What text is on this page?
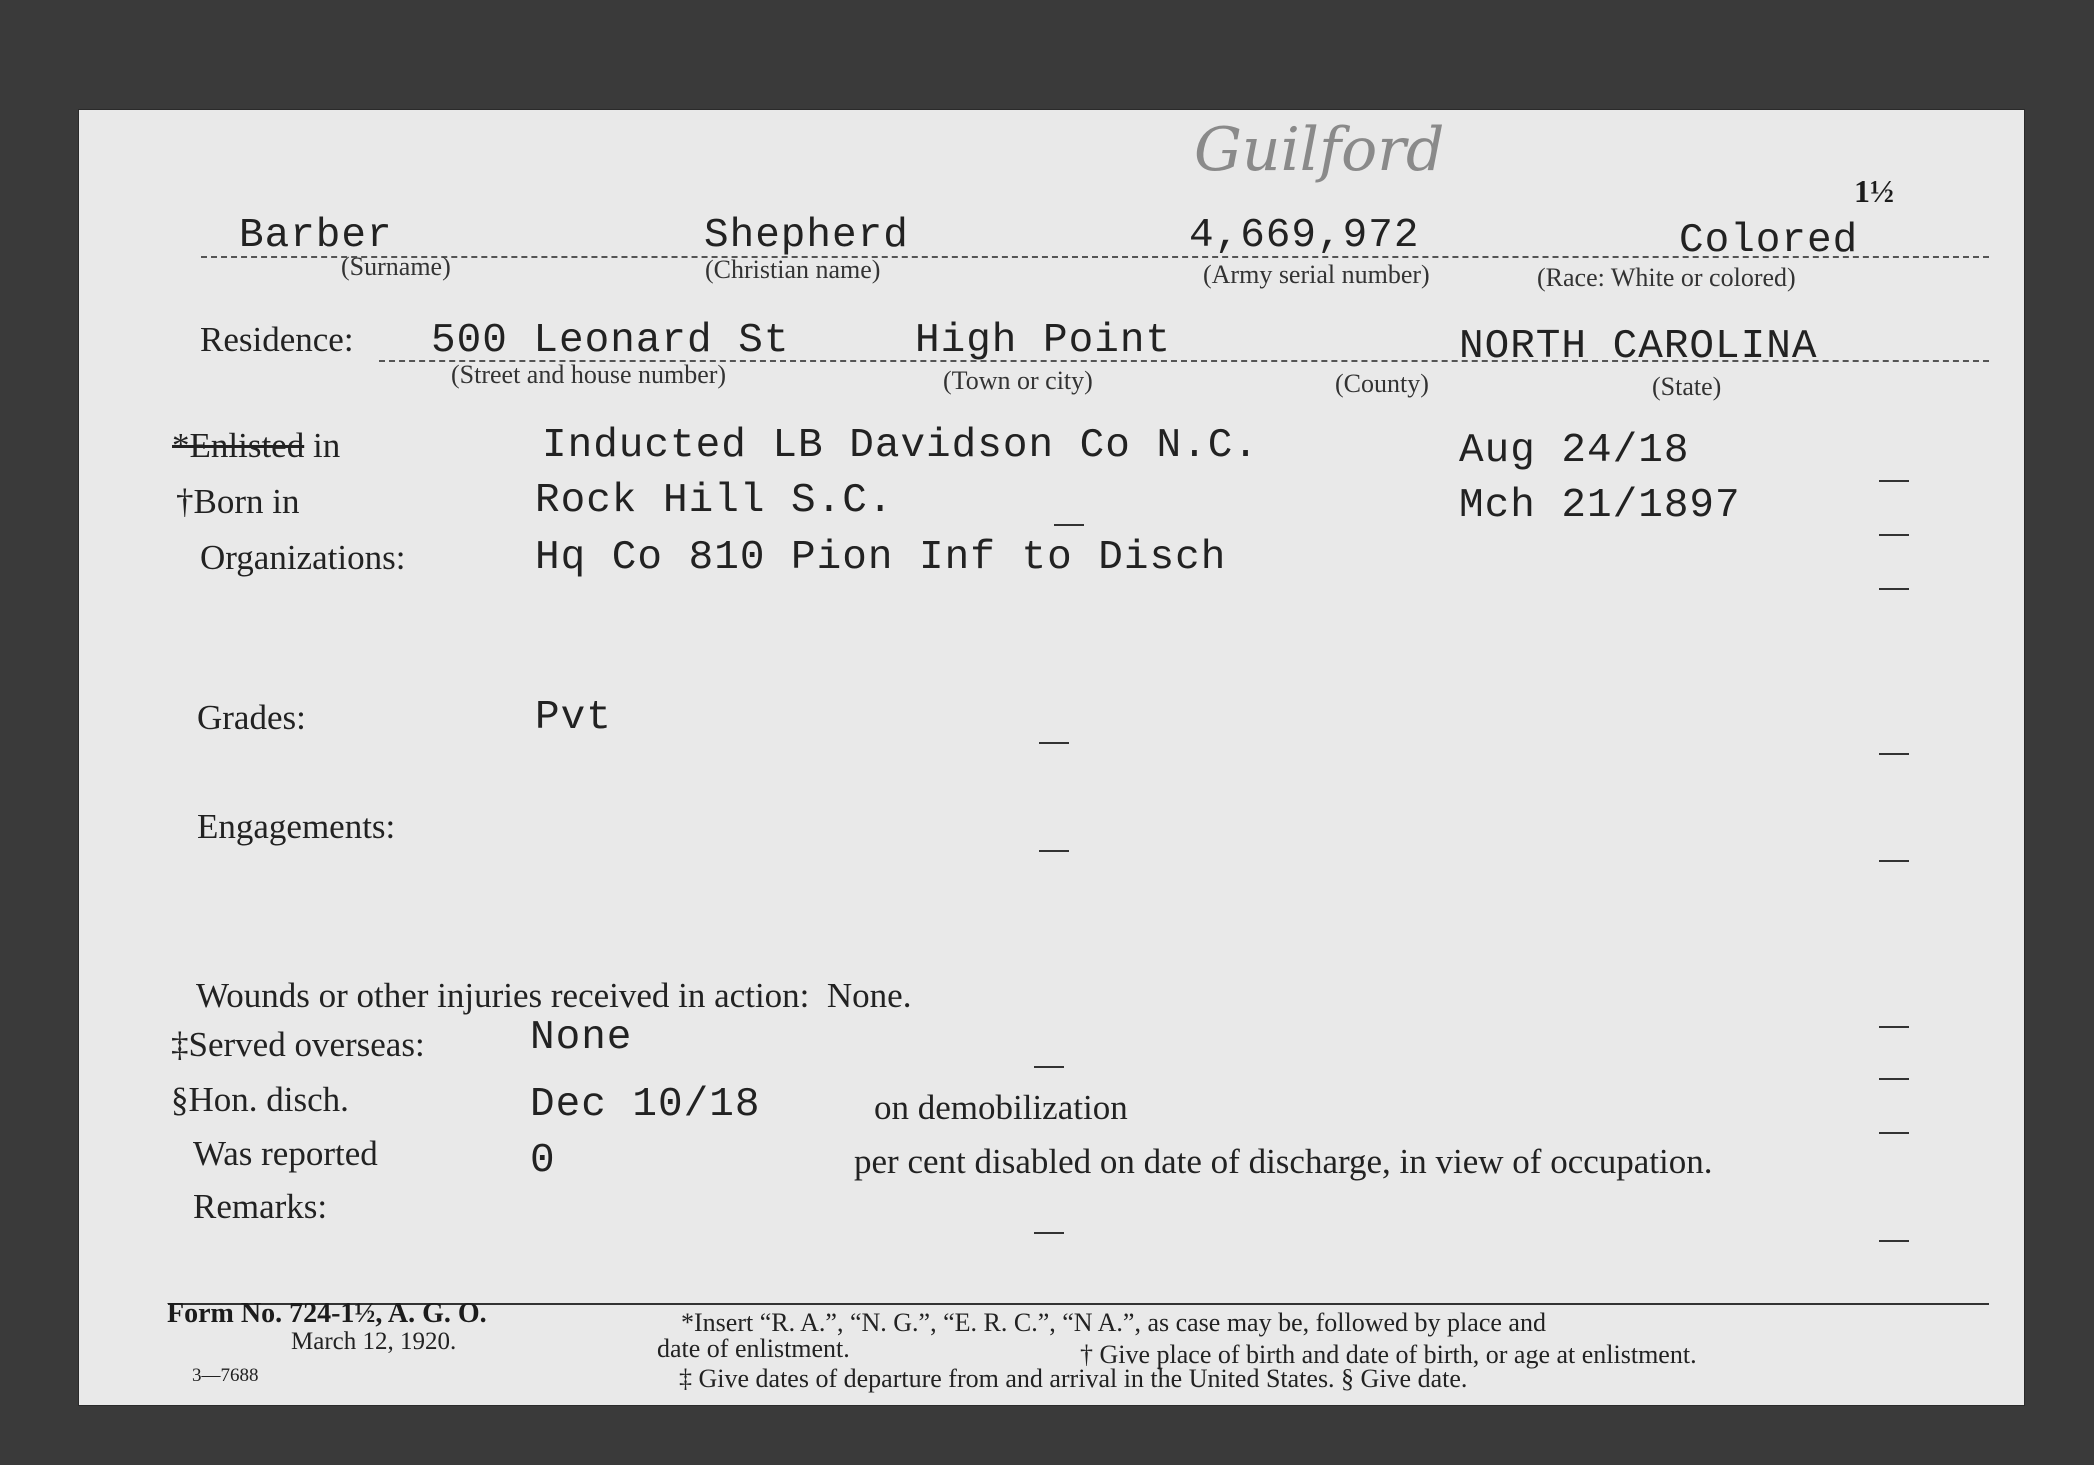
Guilford
1½
Barber	Shepherd	4,669,972	Colored
(Surname)	(Christian name)	(Army serial number)	(Race: White or colored)
Residence: 500 Leonard St	High Point	NORTH CAROLINA
(Street and house number)	(Town or city)	(County)	(State)
*Enlisted in	Inducted LB Davidson Co N.C.	Aug 24/18
†Born in	Rock Hill S.C.	Mch 21/1897
Organizations:	Hq Co 810 Pion Inf to Disch
Grades:	Pvt
Engagements:
Wounds or other injuries received in action: None.
‡Served overseas:	None
§Hon. disch.	Dec 10/18	on demobilization
Was reported	0	per cent disabled on date of discharge, in view of occupation.
Remarks:
Form No. 724-1½, A. G. O.
March 12, 1920.
3—7688
*Insert “R. A.”, “N. G.”, “E. R. C.”, “N A.”, as case may be, followed by place and
date of enlistment.	† Give place of birth and date of birth, or age at enlistment.
‡ Give dates of departure from and arrival in the United States. § Give date.
